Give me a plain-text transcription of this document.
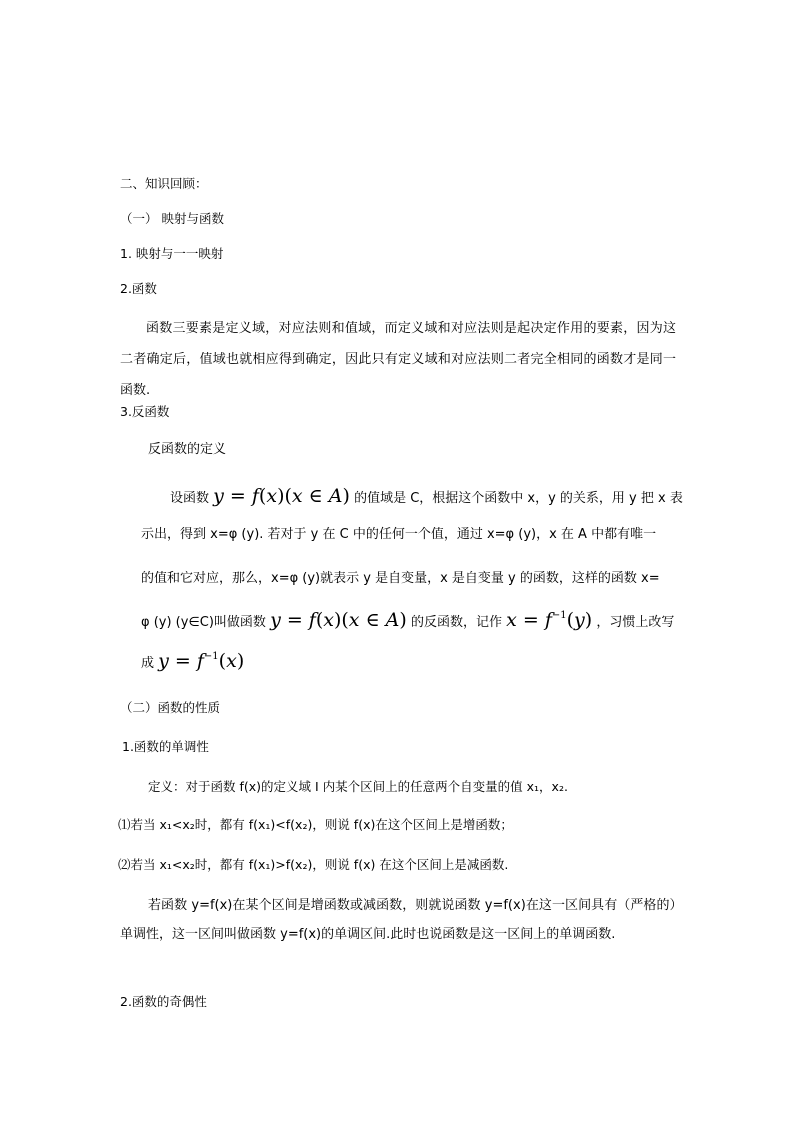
二、知识回顾：
（一） 映射与函数
1. 映射与一一映射
2.函数
函数三要素是定义域，对应法则和值域，而定义域和对应法则是起决定作用的要素，因为这二者确定后，值域也就相应得到确定，因此只有定义域和对应法则二者完全相同的函数才是同一函数.
3.反函数
反函数的定义
设函数 y = f(x)(x ∈ A) 的值域是 C，根据这个函数中 x，y 的关系，用 y 把 x 表
示出，得到 x=φ (y). 若对于 y 在 C 中的任何一个值，通过 x=φ (y)，x 在 A 中都有唯一
的值和它对应，那么，x=φ (y)就表示 y 是自变量，x 是自变量 y 的函数，这样的函数 x=
φ (y) (y∈C)叫做函数 y = f(x)(x ∈ A) 的反函数，记作 $x = f^{-1}(y)$ ，习惯上改写
成 $y = f^{-1}(x)$
（二）函数的性质
1.函数的单调性
定义：对于函数 f(x)的定义域 I 内某个区间上的任意两个自变量的值 x₁，x₂.
⑴若当 x₁<x₂时，都有 f(x₁)<f(x₂)，则说 f(x)在这个区间上是增函数；
⑵若当 x₁<x₂时，都有 f(x₁)>f(x₂)，则说 f(x) 在这个区间上是减函数.
若函数 y=f(x)在某个区间是增函数或减函数，则就说函数 y=f(x)在这一区间具有（严格的）单调性，这一区间叫做函数 y=f(x)的单调区间.此时也说函数是这一区间上的单调函数.
2.函数的奇偶性
